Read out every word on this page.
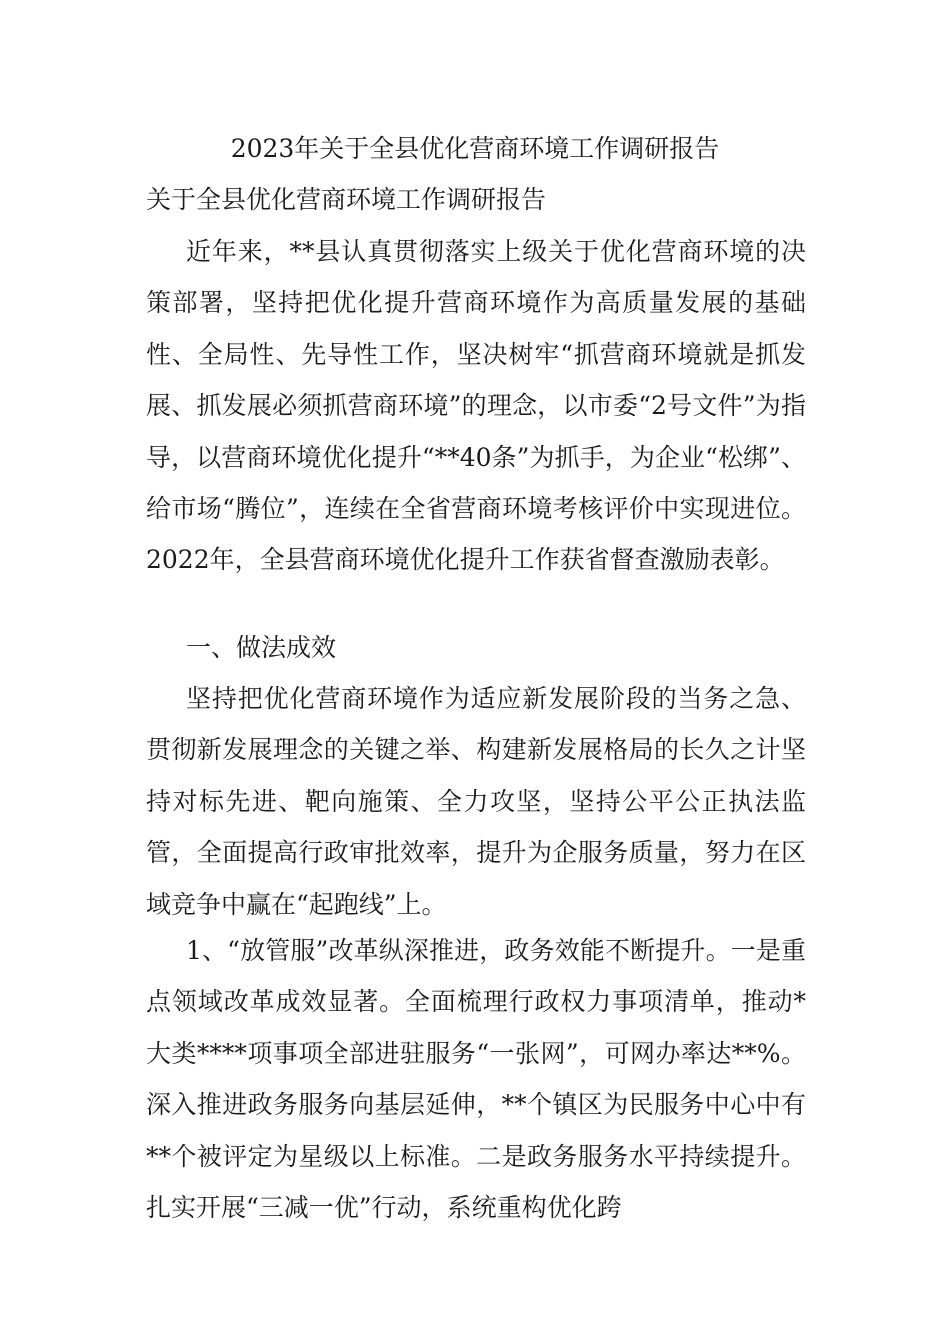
2023年关于全县优化营商环境工作调研报告
关于全县优化营商环境工作调研报告

近年来，**县认真贯彻落实上级关于优化营商环境的决策部署，坚持把优化提升营商环境作为高质量发展的基础性、全局性、先导性工作，坚决树牢“抓营商环境就是抓发展、抓发展必须抓营商环境”的理念，以市委“2号文件”为指导，以营商环境优化提升“**40条”为抓手，为企业“松绑”、给市场“腾位”，连续在全省营商环境考核评价中实现进位。2022年，全县营商环境优化提升工作获省督查激励表彰。

一、做法成效

坚持把优化营商环境作为适应新发展阶段的当务之急、贯彻新发展理念的关键之举、构建新发展格局的长久之计坚持对标先进、靶向施策、全力攻坚，坚持公平公正执法监管，全面提高行政审批效率，提升为企服务质量，努力在区域竞争中赢在“起跑线”上。

1、“放管服”改革纵深推进，政务效能不断提升。一是重点领域改革成效显著。全面梳理行政权力事项清单，推动*大类****项事项全部进驻服务“一张网”，可网办率达**%。深入推进政务服务向基层延伸，**个镇区为民服务中心中有**个被评定为星级以上标准。二是政务服务水平持续提升。扎实开展“三减一优”行动，系统重构优化跨
